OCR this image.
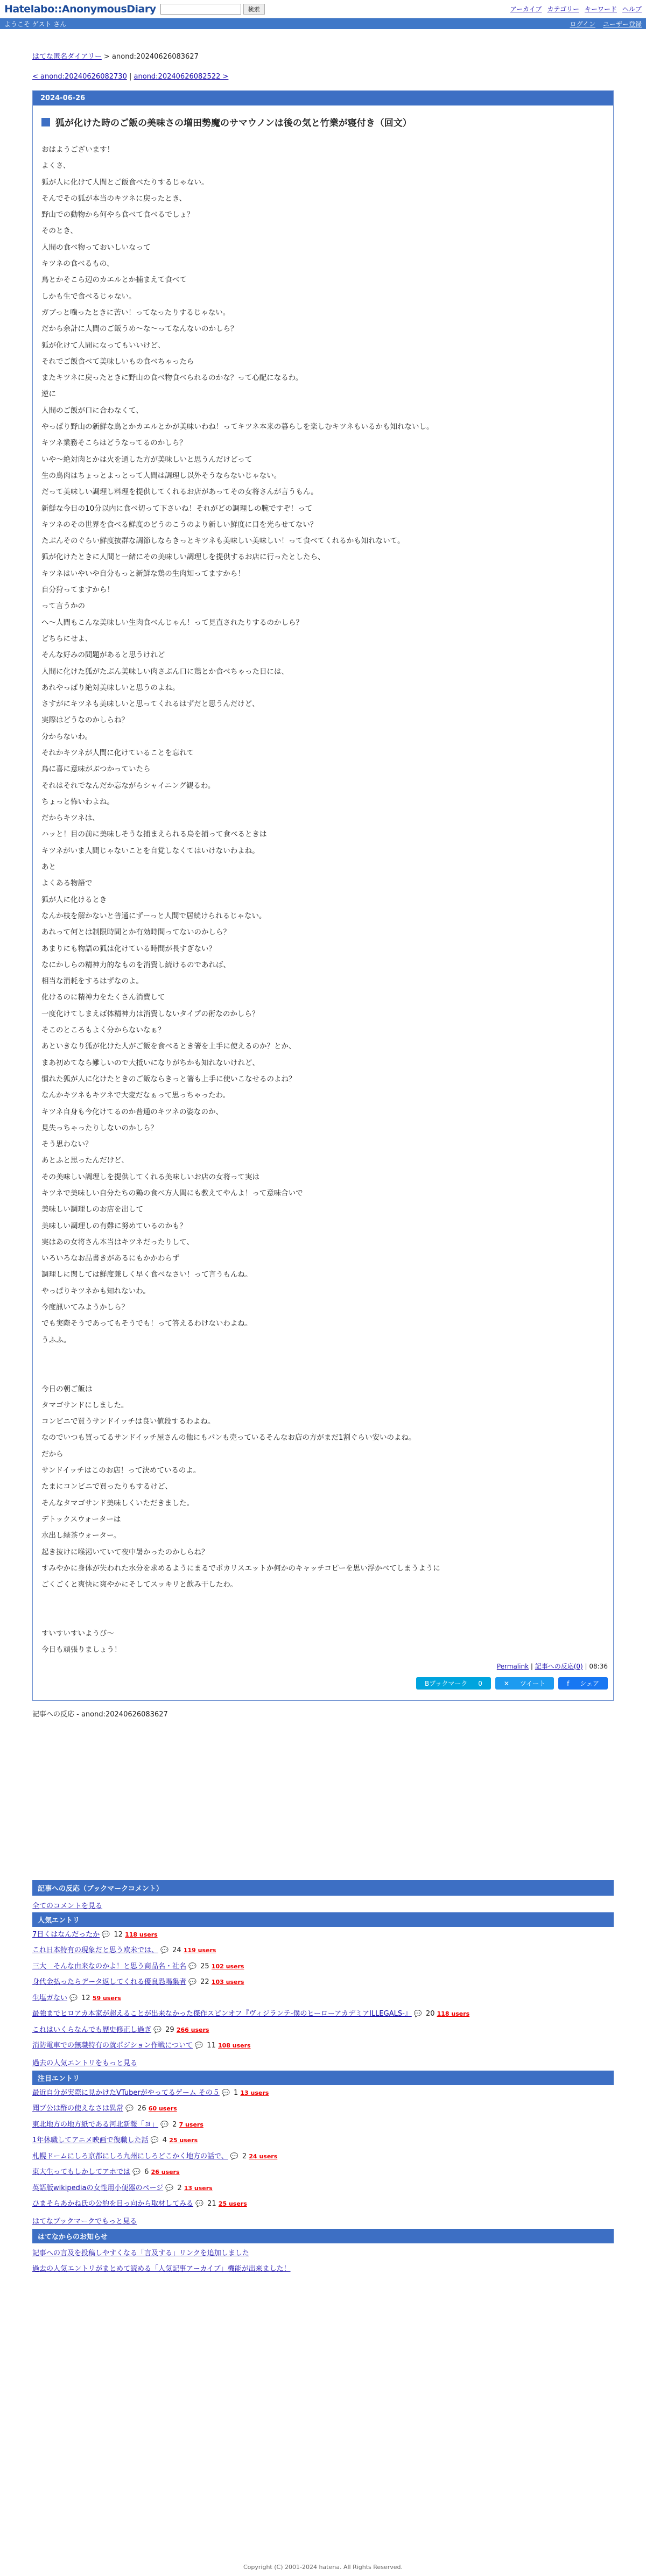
Hatelabo::AnonymousDiary	検索	アーカイブ カテゴリー キーワード ヘルプ
ようこそ ゲスト さん	ログイン ユーザー登録
はてな匿名ダイアリー > anond:20240626083627
< anond:20240626082730 | anond:20240626082522 >
2024-06-26
狐が化けた時のご飯の美味さの増田勢魔のサマウノンは後の気と竹業が寝付き（回文）
おはようございます！
よくさ、
狐が人に化けて人間とご飯食べたりするじゃない。
そんでその狐が本当のキツネに戻ったとき、
野山での動物から何やら食べて食べるでしょ？
そのとき、
人間の食べ物っておいしいなって
キツネの食べるもの、
鳥とかそこら辺のカエルとか捕まえて食べて
しかも生で食べるじゃない。
ガブっと噛ったときに苦い！ってなったりするじゃない。
だから余計に人間のご飯うめ〜な〜ってなんないのかしら？
狐が化けて人間になってもいいけど、
それでご飯食べて美味しいもの食べちゃったら
またキツネに戻ったときに野山の食べ物食べられるのかな？って心配になるわ。
逆に
人間のご飯が口に合わなくて、
やっぱり野山の新鮮な鳥とかカエルとかが美味いわね！ってキツネ本来の暮らしを楽しむキツネもいるかも知れないし。
キツネ業務そこらはどうなってるのかしら？
いや〜絶対肉とかは火を通した方が美味しいと思うんだけどって
生の鳥肉はちょっとよっとって人間は調理し以外そうならないじゃない。
だって美味しい調理し料理を提供してくれるお店があってその女将さんが言うもん。
新鮮な今日の10分以内に食べ切って下さいね！それがどの調理しの腕ですぞ！って
キツネのその世界を食べる鮮度のどうのこうのより新しい鮮度に目を光らせてない？
たぶんそのぐらい鮮度抜群な調節しならきっとキツネも美味しい美味しい！って食べてくれるかも知れないて。
狐が化けたときに人間と一緒にその美味しい調理しを提供するお店に行ったとしたら、
キツネはいやいや自分もっと新鮮な鶏の生肉知ってますから！
自分狩ってますから！
って言うかの
へ〜人間もこんな美味しい生肉食べんじゃん！って見直されたりするのかしら？
どちらにせよ、
そんな好みの問題があると思うけれど
人間に化けた狐がたぶん美味しい肉さぶん口に鶏とか食べちゃった日には、
あれやっぱり絶対美味しいと思うのよね。
さすがにキツネも美味しいと思ってくれるはずだと思うんだけど、
実際はどうなのかしらね？
分からないわ。
それかキツネが人間に化けていることを忘れて
鳥に喜に意味がぶつかっていたら
それはそれでなんだか忘ながらシャイニング観るわ。
ちょっと怖いわよね。
だからキツネは、
ハッと！目の前に美味しそうな捕まえられる鳥を捕って食べるときは
キツネがいま人間じゃないことを自覚しなくてはいけないわよね。
あと
よくある物語で
狐が人に化けるとき
なんか枝を解かないと普通にずーっと人間で居続けられるじゃない。
あれって何とは制限時間とか有効時間ってないのかしら？
あまりにも物語の狐は化けている時間が長すぎない？
なにかしらの精神力的なものを消費し続けるのであれば、
相当な消耗をするはずなのよ。
化けるのに精神力をたくさん消費して
一度化けてしまえば体精神力は消費しないタイプの術なのかしら？
そこのところもよく分からないなぁ？
あといきなり狐が化けた人がご飯を食べるとき箸を上手に使えるのか？とか、
まあ初めてなら難しいので大抵いになりがちかも知れないけれど、
慣れた狐が人に化けたときのご飯ならきっと箸も上手に使いこなせるのよね？
なんかキツネもキツネで大変だなぁって思っちゃったわ。
キツネ自身も今化けてるのか普通のキツネの姿なのか、
見失っちゃったりしないのかしら？
そう思わない？
あとふと思ったんだけど、
その美味しい調理しを提供してくれる美味しいお店の女将って実は
キツネで美味しい自分たちの鶏の食べ方人間にも教えてやんよ！って意味合いで
美味しい調理しのお店を出して
美味しい調理しの有難に努めているのかも？
実はあの女将さん本当はキツネだったりして、
いろいろなお品書きがあるにもかかわらず
調理しに関しては鮮度兼しく早く食べなさい！って言うもんね。
やっぱりキツネかも知れないわ。
今度訊いてみようかしら？
でも実際そうであってもそうでも！って答えるわけないわよね。
うふふ。
今日の朝ご飯は
タマゴサンドにしました。
コンビニで買うサンドイッチは良い値段するわよね。
なのでいつも買ってるサンドイッチ屋さんの他にもパンも売っているそんなお店の方がまだ1割ぐらい安いのよね。
だから
サンドイッチはこのお店！って決めているのよ。
たまにコンビニで買ったりもするけど、
そんなタマゴサンド美味しくいただきました。
デトックスウォーターは
水出し緑茶ウォーター。
起き抜けに喉渇いていて夜中暑かったのかしらね？
すみやかに身体が失われた水分を求めるようにまるでポカリスエットか何かのキャッチコピーを思い浮かべてしまうように
ごくごくと爽快に爽やかにそしてスッキリと飲み干したわ。
すいすいすいようび〜
今日も頑張りましょう！
Permalink | 記事への反応(0) | 08:36
Bブックマーク 0	✕ ツイート	f シェア
記事への反応 - anond:20240626083627
記事への反応（ブックマークコメント）
全てのコメントを見る
人気エントリ
7日くはなんだったか 💬 12 118 users
これ日本特有の現象だと思う欧米では、 💬 24 119 users
三大　そんな由来なのかよ！と思う商品名・社名 💬 25 102 users
身代金払ったらデータ返してくれる優良恐喝集者 💬 22 103 users
生塩ガない 💬 12 59 users
最強までヒロアカ本家が超えることが出来なかった傑作スピンオフ『ヴィジランテ-僕のヒーローアカデミアILLEGALS-』 💬 20 118 users
これはいくらなんでも歴史修正し過ぎ 💬 29 266 users
消防電車での無職特有の就ポジション作戦について 💬 11 108 users
過去の人気エントリをもっと見る
注目エントリ
最近自分が実際に見かけたVTuberがやってるゲーム その５ 💬 1 13 users
聞ブ公は酢の使えなさは異常 💬 26 60 users
東北地方の地方紙である河北新報「ヨ」 💬 2 7 users
1年休職してアニメ映画で復職した話 💬 4 25 users
札幌ドームにしろ京都にしろ九州にしろどこかく地方の話で、 💬 2 24 users
東大生ってもしかしてアホでは 💬 6 26 users
英語版wikipediaの女性用小便器のページ 💬 2 13 users
ひまそらあかね氏の公約を目っ向から取材してみる 💬 21 25 users
はてなブックマークでもっと見る
はてなからのお知らせ
記事への言及を投稿しやすくなる「言及する」リンクを追加しました
過去の人気エントリがまとめて読める「人気記事アーカイブ」機能が出来ました！
Copyright (C) 2001-2024 hatena. All Rights Reserved.
